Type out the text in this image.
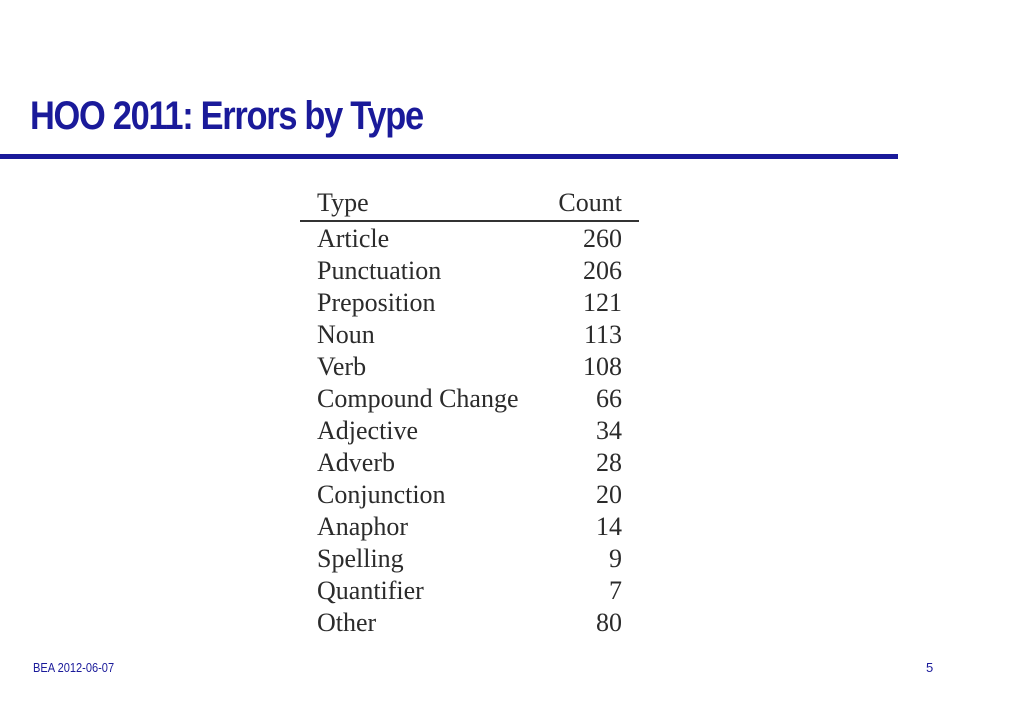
HOO 2011: Errors by Type
Type	Count
Article	260
Punctuation	206
Preposition	121
Noun	113
Verb	108
Compound Change	66
Adjective	34
Adverb	28
Conjunction	20
Anaphor	14
Spelling	9
Quantifier	7
Other	80
BEA 2012-06-07	5
